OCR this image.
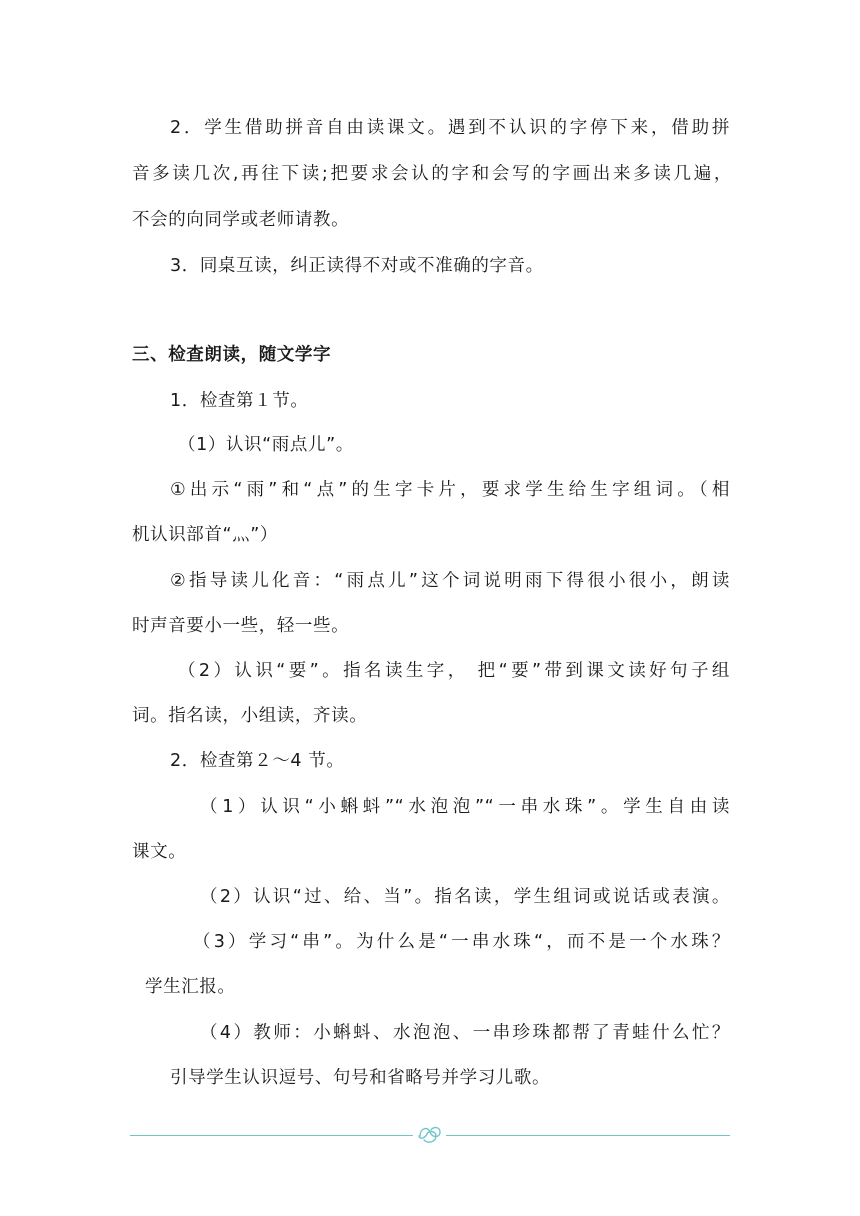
2．学生借助拼音自由读课文。遇到不认识的字停下来，借助拼
音多读几次,再往下读;把要求会认的字和会写的字画出来多读几遍，
不会的向同学或老师请教。
3．同桌互读，纠正读得不对或不准确的字音。
三、检查朗读，随文学字
1．检查第１节。
（1）认识“雨点儿”。
①出示“雨”和“点”的生字卡片，要求学生给生字组词。（相
机认识部首“灬”）
②指导读儿化音：“雨点儿”这个词说明雨下得很小很小，朗读
时声音要小一些，轻一些。
（2）认识“要”。指名读生字， 把“要”带到课文读好句子组
词。指名读，小组读，齐读。
2．检查第２～4 节。
（1）认识“小蝌蚪”“水泡泡”“一串水珠”。学生自由读
课文。
（2）认识“过、给、当”。指名读，学生组词或说话或表演。
（3）学习“串”。为什么是“一串水珠“，而不是一个水珠？
学生汇报。
（4）教师：小蝌蚪、水泡泡、一串珍珠都帮了青蛙什么忙？
引导学生认识逗号、句号和省略号并学习儿歌。
